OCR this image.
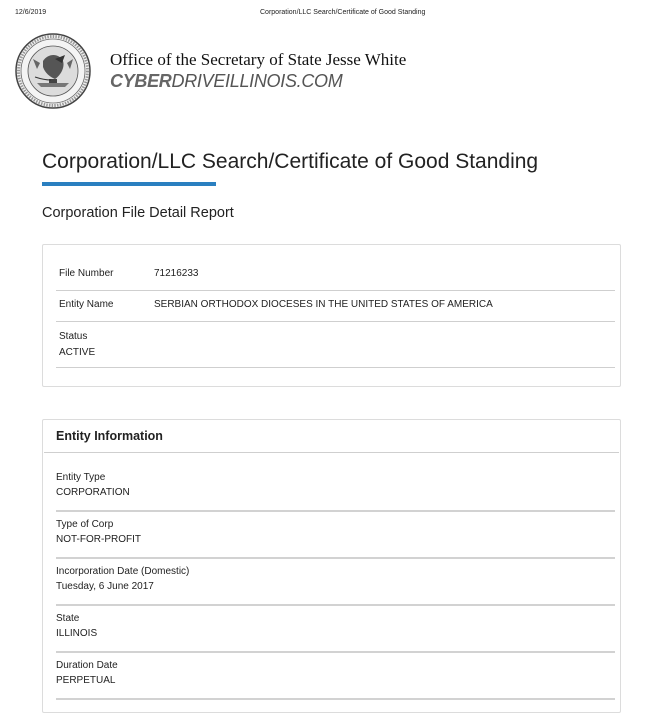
12/6/2019	Corporation/LLC Search/Certificate of Good Standing
Office of the Secretary of State Jesse White
CYBERDRIVEILLINOIS.COM
Corporation/LLC Search/Certificate of Good Standing
Corporation File Detail Report
File Number	71216233
Entity Name	SERBIAN ORTHODOX DIOCESES IN THE UNITED STATES OF AMERICA
Status
ACTIVE
Entity Information
Entity Type
CORPORATION
Type of Corp
NOT-FOR-PROFIT
Incorporation Date (Domestic)
Tuesday, 6 June 2017
State
ILLINOIS
Duration Date
PERPETUAL
